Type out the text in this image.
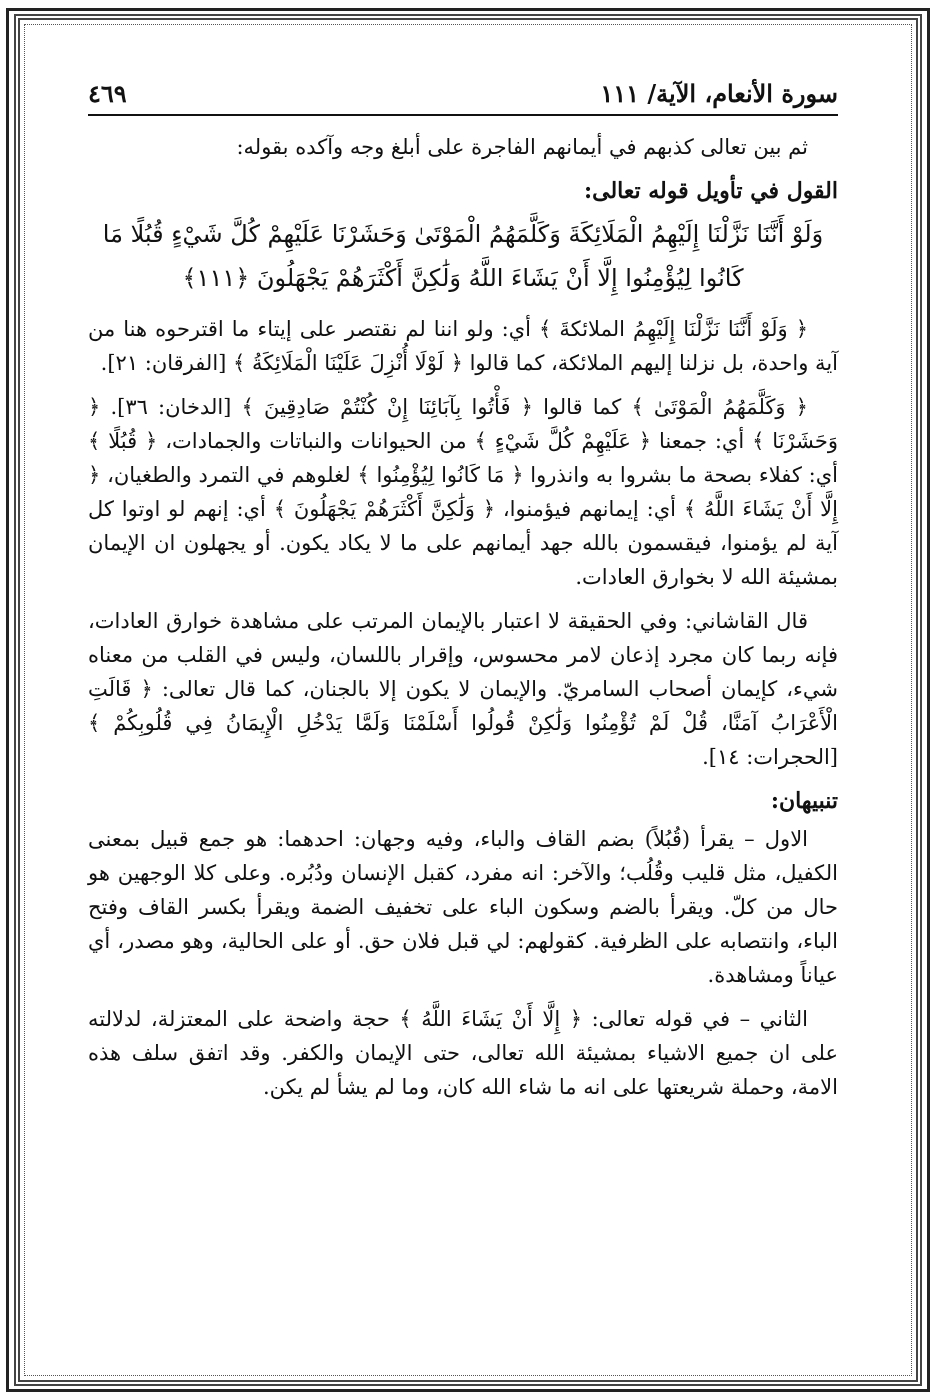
سورة الأنعام، الآية/ ١١١
٤٦٩

ثم بين تعالى كذبهم في أيمانهم الفاجرة على أبلغ وجه وآكده بقوله:

القول في تأويل قوله تعالى:

وَلَوْ أَنَّنَا نَزَّلْنَا إِلَيْهِمُ الْمَلَائِكَةَ وَكَلَّمَهُمُ الْمَوْتَىٰ وَحَشَرْنَا عَلَيْهِمْ كُلَّ شَيْءٍ قُبُلًا مَا كَانُوا لِيُؤْمِنُوا إِلَّا أَنْ يَشَاءَ اللَّهُ وَلَٰكِنَّ أَكْثَرَهُمْ يَجْهَلُونَ ﴿١١١﴾

﴿ وَلَوْ أَنَّنَا نَزَّلْنَا إِلَيْهِمُ الملائكةَ ﴾ أي: ولو اننا لم نقتصر على إيتاء ما اقترحوه هنا من آية واحدة، بل نزلنا إليهم الملائكة، كما قالوا ﴿ لَوْلَا أُنْزِلَ عَلَيْنَا الْمَلَائِكَةُ ﴾ [الفرقان: ٢١].

﴿ وَكَلَّمَهُمُ الْمَوْتَىٰ ﴾ كما قالوا ﴿ فَأْتُوا بِآبَائِنَا إِنْ كُنْتُمْ صَادِقِينَ ﴾ [الدخان: ٣٦]. ﴿ وَحَشَرْنَا ﴾ أي: جمعنا ﴿ عَلَيْهِمْ كُلَّ شَيْءٍ ﴾ من الحيوانات والنباتات والجمادات، ﴿ قُبُلًا ﴾ أي: كفلاء بصحة ما بشروا به وانذروا ﴿ مَا كَانُوا لِيُؤْمِنُوا ﴾ لغلوهم في التمرد والطغيان، ﴿ إِلَّا أَنْ يَشَاءَ اللَّهُ ﴾ أي: إيمانهم فيؤمنوا، ﴿ وَلَٰكِنَّ أَكْثَرَهُمْ يَجْهَلُونَ ﴾ أي: إنهم لو اوتوا كل آية لم يؤمنوا، فيقسمون بالله جهد أيمانهم على ما لا يكاد يكون. أو يجهلون ان الإيمان بمشيئة الله لا بخوارق العادات.

قال القاشاني: وفي الحقيقة لا اعتبار بالإيمان المرتب على مشاهدة خوارق العادات، فإنه ربما كان مجرد إذعان لامر محسوس، وإقرار باللسان، وليس في القلب من معناه شيء، كإيمان أصحاب السامريّ. والإيمان لا يكون إلا بالجنان، كما قال تعالى: ﴿ قَالَتِ الْأَعْرَابُ آمَنَّا، قُلْ لَمْ تُؤْمِنُوا وَلَٰكِنْ قُولُوا أَسْلَمْنَا وَلَمَّا يَدْخُلِ الْإِيمَانُ فِي قُلُوبِكُمْ ﴾ [الحجرات: ١٤].

تنبيهان:

الاول – يقرأ (قُبُلاً) بضم القاف والباء، وفيه وجهان: احدهما: هو جمع قبيل بمعنى الكفيل، مثل قليب وقُلُب؛ والآخر: انه مفرد، كقبل الإنسان ودُبُره. وعلى كلا الوجهين هو حال من كلّ. ويقرأ بالضم وسكون الباء على تخفيف الضمة ويقرأ بكسر القاف وفتح الباء، وانتصابه على الظرفية. كقولهم: لي قبل فلان حق. أو على الحالية، وهو مصدر، أي عياناً ومشاهدة.

الثاني – في قوله تعالى: ﴿ إِلَّا أَنْ يَشَاءَ اللَّهُ ﴾ حجة واضحة على المعتزلة، لدلالته على ان جميع الاشياء بمشيئة الله تعالى، حتى الإيمان والكفر. وقد اتفق سلف هذه الامة، وحملة شريعتها على انه ما شاء الله كان، وما لم يشأ لم يكن.
